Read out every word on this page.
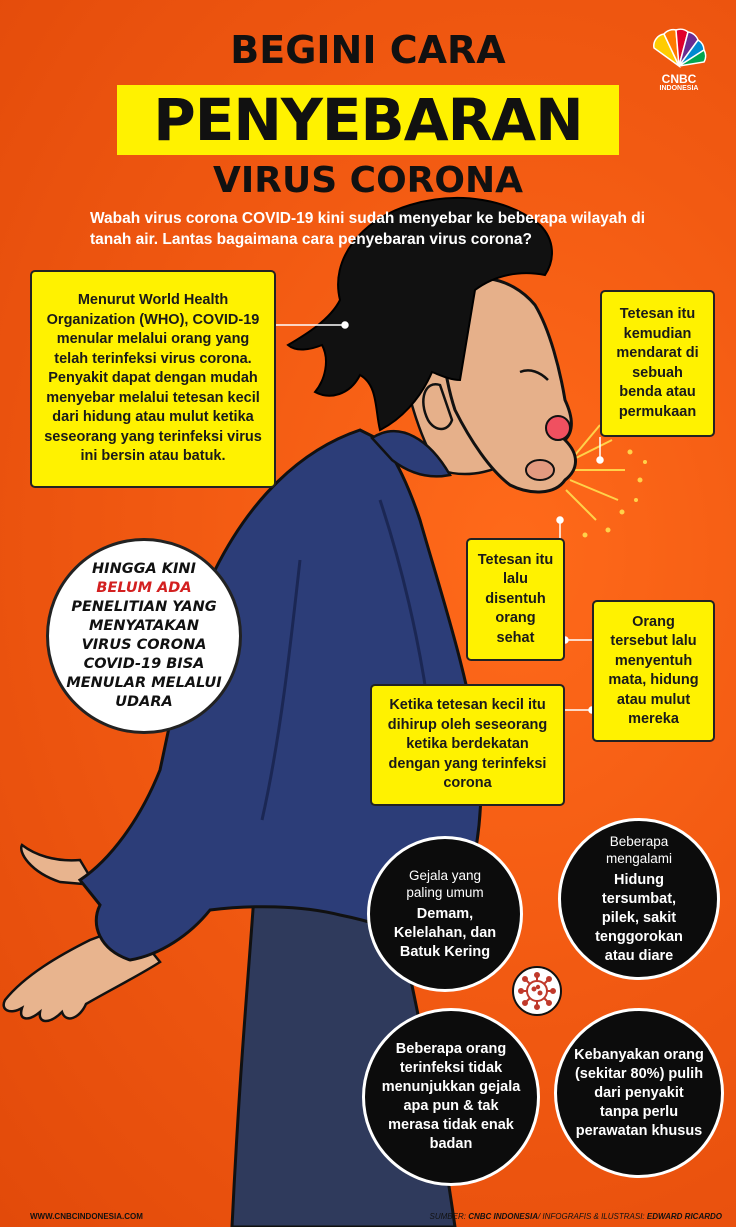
BEGINI CARA
PENYEBARAN
VIRUS CORONA
CNBC
INDONESIA
Wabah virus corona COVID-19 kini sudah menyebar ke beberapa wilayah di tanah air. Lantas bagaimana cara penyebaran virus corona?
Menurut World Health Organization (WHO), COVID-19 menular melalui orang yang telah terinfeksi virus corona. Penyakit dapat dengan mudah menyebar melalui tetesan kecil dari hidung atau mulut ketika seseorang yang terinfeksi virus ini bersin atau batuk.
Tetesan itu kemudian mendarat di sebuah benda atau permukaan
Tetesan itu lalu disentuh orang sehat
Orang tersebut lalu menyentuh mata, hidung atau mulut mereka
Ketika tetesan kecil itu dihirup oleh seseorang ketika berdekatan dengan yang terinfeksi corona
HINGGA KINI
BELUM ADA
PENELITIAN YANG MENYATAKAN VIRUS CORONA COVID-19 BISA MENULAR MELALUI UDARA
Gejala yang paling umum
Demam, Kelelahan, dan Batuk Kering
Beberapa mengalami
Hidung tersumbat, pilek, sakit tenggorokan atau diare
Beberapa orang terinfeksi tidak menunjukkan gejala apa pun & tak merasa tidak enak badan
Kebanyakan orang (sekitar 80%) pulih dari penyakit tanpa perlu perawatan khusus
WWW.CNBCINDONESIA.COM	SUMBER: CNBC INDONESIA/ INFOGRAFIS & ILUSTRASI: EDWARD RICARDO
